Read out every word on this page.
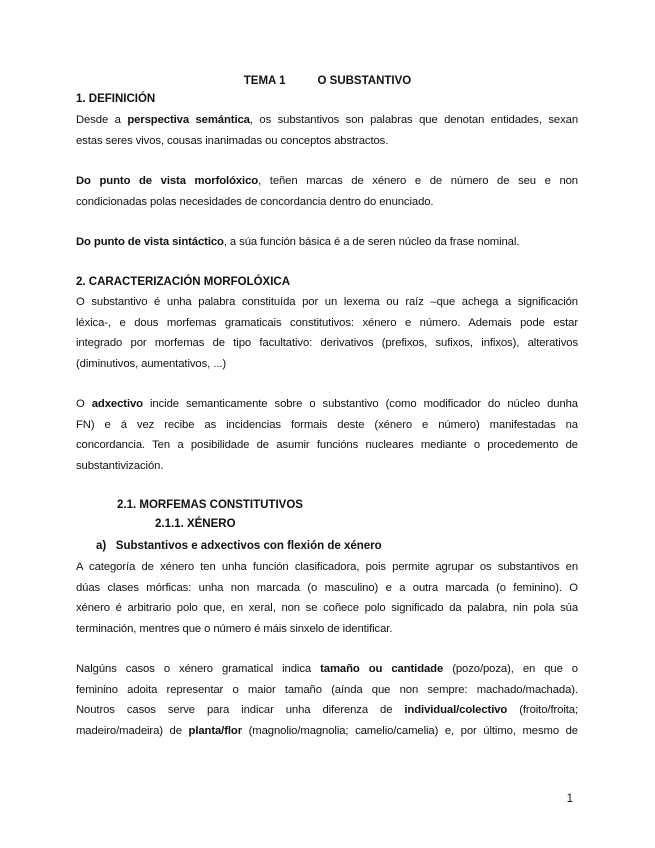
TEMA 1	O SUBSTANTIVO
1. DEFINICIÓN
Desde a perspectiva semántica, os substantivos son palabras que denotan entidades, sexan
estas seres vivos, cousas inanimadas ou conceptos abstractos.
Do punto de vista morfolóxico, teñen marcas de xénero e de número de seu e non
condicionadas polas necesidades de concordancia dentro do enunciado.
Do punto de vista sintáctico, a súa función básica é a de seren núcleo da frase nominal.
2. CARACTERIZACIÓN MORFOLÓXICA
O substantivo é unha palabra constituída por un lexema ou raíz –que achega a significación
léxica-, e dous morfemas gramaticais constitutivos: xénero e número. Ademais pode estar
integrado por morfemas de tipo facultativo: derivativos (prefixos, sufixos, infixos), alterativos
(diminutivos, aumentativos, ...)
O adxectivo incide semanticamente sobre o substantivo (como modificador do núcleo dunha
FN) e á vez recibe as incidencias formais deste (xénero e número) manifestadas na
concordancia. Ten a posibilidade de asumir funcións nucleares mediante o procedemento de
substantivización.
2.1. MORFEMAS CONSTITUTIVOS
2.1.1. XÉNERO
a)   Substantivos e adxectivos con flexión de xénero
A categoría de xénero ten unha función clasificadora, pois permite agrupar os substantivos en
dúas clases mórficas: unha non marcada (o masculino) e a outra marcada (o feminino). O
xénero é arbitrario polo que, en xeral, non se coñece polo significado da palabra, nin pola súa
terminación, mentres que o número é máis sinxelo de identificar.
Nalgúns casos o xénero gramatical indica tamaño ou cantidade (pozo/poza), en que o
feminino adoita representar o maior tamaño (aínda que non sempre: machado/machada).
Noutros casos serve para indicar unha diferenza de individual/colectivo (froito/froita;
madeiro/madeira) de planta/flor (magnolio/magnolia; camelio/camelia) e, por último, mesmo de
1
